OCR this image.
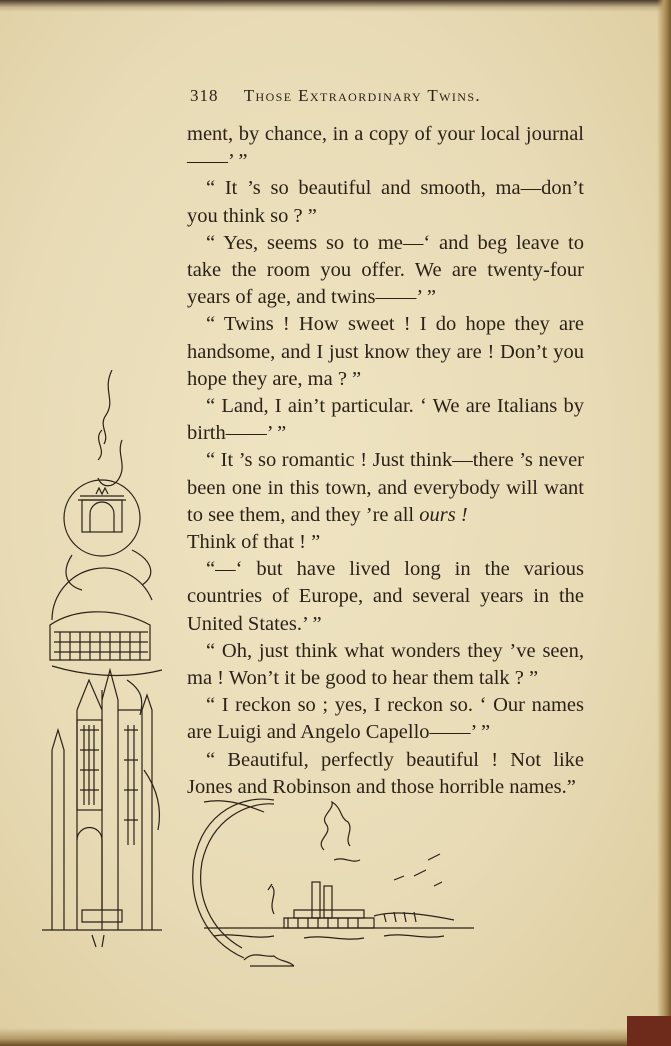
318 Those Extraordinary Twins.

ment, by chance, in a copy of your local journal——’ ”

“ It ’s so beautiful and smooth, ma—don’t you think so ? ”

“ Yes, seems so to me—‘ and beg leave to take the room you offer. We are twenty-four years of age, and twins——’ ”

“ Twins ! How sweet ! I do hope they are handsome, and I just know they are ! Don’t you hope they are, ma ? ”

“ Land, I ain’t particular. ‘ We are Italians by birth——’ ”

“ It ’s so romantic ! Just think—there ’s never been one in this town, and everybody will want to see them, and they ’re all ours !
Think of that ! ”

“—‘ but have lived long in the various countries of Europe, and several years in the United States.’ ”

“ Oh, just think what wonders they ’ve seen, ma ! Won’t it be good to hear them talk ? ”

“ I reckon so ; yes, I reckon so. ‘ Our names are Luigi and Angelo Capello——’ ”

“ Beautiful, perfectly beautiful ! Not like Jones and Robinson and those horrible names.”
